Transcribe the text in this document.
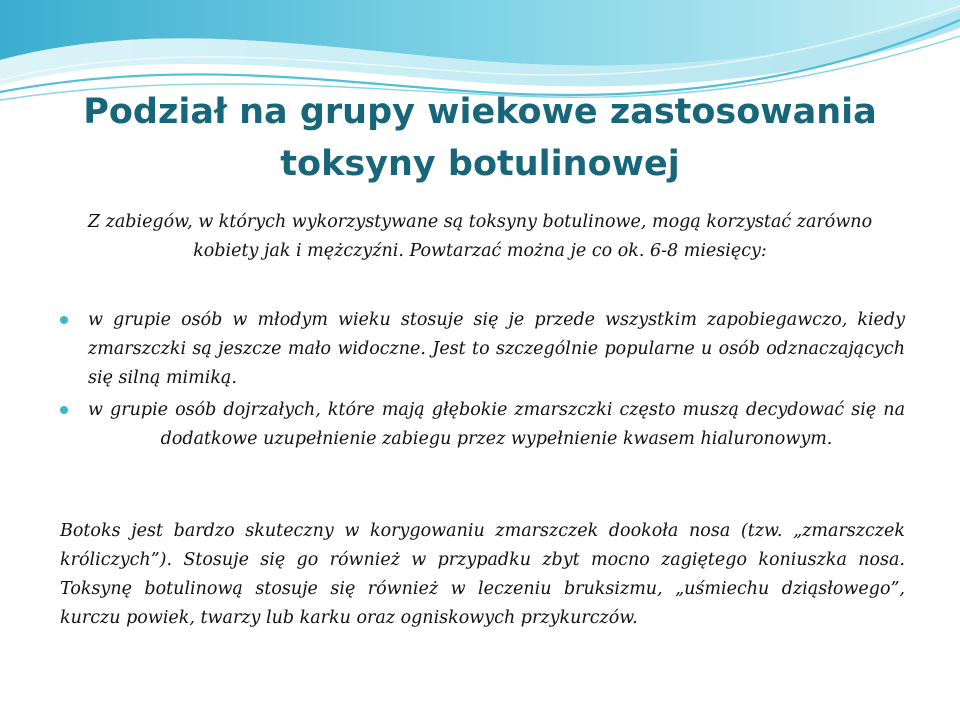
Podział na grupy wiekowe zastosowania toksyny botulinowej

Z zabiegów, w których wykorzystywane są toksyny botulinowe, mogą korzystać zarówno kobiety jak i mężczyźni. Powtarzać można je co ok. 6-8 miesięcy:

w grupie osób w młodym wieku stosuje się je przede wszystkim zapobiegawczo, kiedy zmarszczki są jeszcze mało widoczne. Jest to szczególnie popularne u osób odznaczających się silną mimiką.
w grupie osób dojrzałych, które mają głębokie zmarszczki często muszą decydować się na dodatkowe uzupełnienie zabiegu przez wypełnienie kwasem hialuronowym.

Botoks jest bardzo skuteczny w korygowaniu zmarszczek dookoła nosa (tzw. „zmarszczek króliczych”). Stosuje się go również w przypadku zbyt mocno zagiętego koniuszka nosa. Toksynę botulinową stosuje się również w leczeniu bruksizmu, „uśmiechu dziąsłowego”, kurczu powiek, twarzy lub karku oraz ogniskowych przykurczów.
